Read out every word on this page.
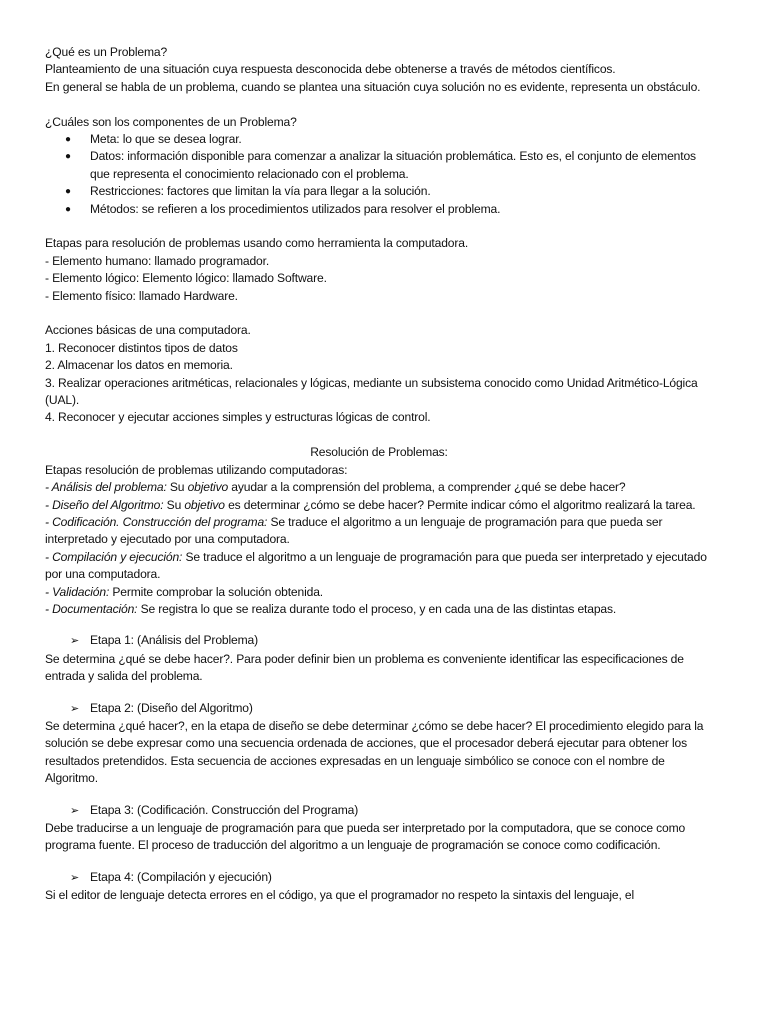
¿Qué es un Problema?

Planteamiento de una situación cuya respuesta desconocida debe obtenerse a través de métodos científicos.

En general se habla de un problema, cuando se plantea una situación cuya solución no es evidente, representa un obstáculo.

¿Cuáles son los componentes de un Problema?

● Meta: lo que se desea lograr.
● Datos: información disponible para comenzar a analizar la situación problemática. Esto es, el conjunto de elementos que representa el conocimiento relacionado con el problema.
● Restricciones: factores que limitan la vía para llegar a la solución.
● Métodos: se refieren a los procedimientos utilizados para resolver el problema.

Etapas para resolución de problemas usando como herramienta la computadora.

- Elemento humano: llamado programador.

- Elemento lógico: Elemento lógico: llamado Software.

- Elemento físico: llamado Hardware.

Acciones básicas de una computadora.

1. Reconocer distintos tipos de datos

2. Almacenar los datos en memoria.

3. Realizar operaciones aritméticas, relacionales y lógicas, mediante un subsistema conocido como Unidad Aritmético-Lógica (UAL).

4. Reconocer y ejecutar acciones simples y estructuras lógicas de control.

Resolución de Problemas:

Etapas resolución de problemas utilizando computadoras:

- Análisis del problema: Su objetivo ayudar a la comprensión del problema, a comprender ¿qué se debe hacer?

- Diseño del Algoritmo: Su objetivo es determinar ¿cómo se debe hacer? Permite indicar cómo el algoritmo realizará la tarea.

- Codificación. Construcción del programa: Se traduce el algoritmo a un lenguaje de programación para que pueda ser interpretado y ejecutado por una computadora.

- Compilación y ejecución: Se traduce el algoritmo a un lenguaje de programación para que pueda ser interpretado y ejecutado por una computadora.

- Validación: Permite comprobar la solución obtenida.

- Documentación: Se registra lo que se realiza durante todo el proceso, y en cada una de las distintas etapas.

➢ Etapa 1: (Análisis del Problema)

Se determina ¿qué se debe hacer?. Para poder definir bien un problema es conveniente identificar las especificaciones de entrada y salida del problema.

➢ Etapa 2: (Diseño del Algoritmo)

Se determina ¿qué hacer?, en la etapa de diseño se debe determinar ¿cómo se debe hacer? El procedimiento elegido para la solución se debe expresar como una secuencia ordenada de acciones, que el procesador deberá ejecutar para obtener los resultados pretendidos. Esta secuencia de acciones expresadas en un lenguaje simbólico se conoce con el nombre de Algoritmo.

➢ Etapa 3: (Codificación. Construcción del Programa)

Debe traducirse a un lenguaje de programación para que pueda ser interpretado por la computadora, que se conoce como programa fuente. El proceso de traducción del algoritmo a un lenguaje de programación se conoce como codificación.

➢ Etapa 4: (Compilación y ejecución)

Si el editor de lenguaje detecta errores en el código, ya que el programador no respeto la sintaxis del lenguaje, el
